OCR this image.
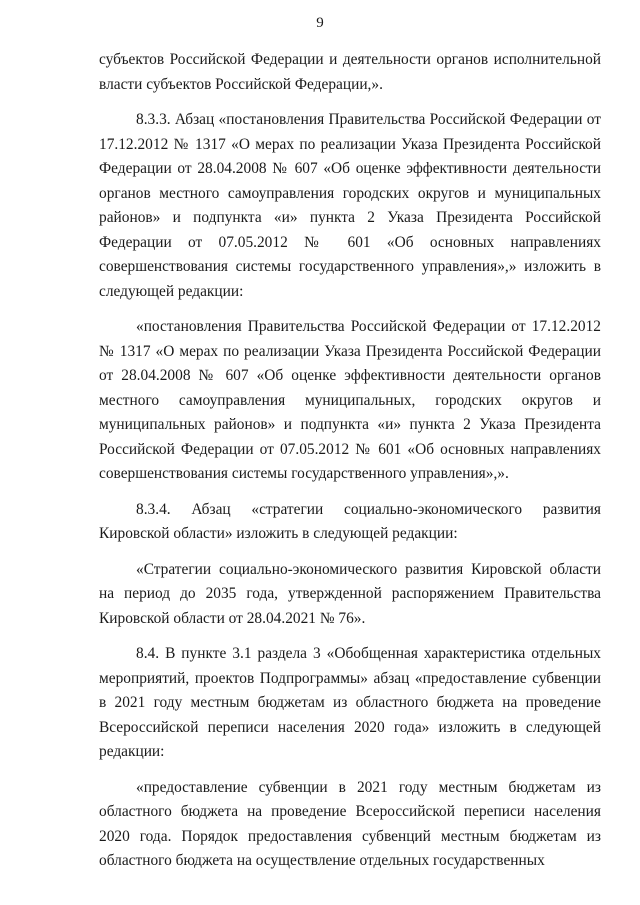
9

субъектов Российской Федерации и деятельности органов исполнительной власти субъектов Российской Федерации,».

8.3.3. Абзац «постановления Правительства Российской Федерации от 17.12.2012 № 1317 «О мерах по реализации Указа Президента Российской Федерации от 28.04.2008 № 607 «Об оценке эффективности деятельности органов местного самоуправления городских округов и муниципальных районов» и подпункта «и» пункта 2 Указа Президента Российской Федерации от 07.05.2012 № 601 «Об основных направлениях совершенствования системы государственного управления»,» изложить в следующей редакции:

«постановления Правительства Российской Федерации от 17.12.2012 № 1317 «О мерах по реализации Указа Президента Российской Федерации от 28.04.2008 № 607 «Об оценке эффективности деятельности органов местного самоуправления муниципальных, городских округов и муниципальных районов» и подпункта «и» пункта 2 Указа Президента Российской Федерации от 07.05.2012 № 601 «Об основных направлениях совершенствования системы государственного управления»,».

8.3.4. Абзац «стратегии социально-экономического развития Кировской области» изложить в следующей редакции:

«Стратегии социально-экономического развития Кировской области на период до 2035 года, утвержденной распоряжением Правительства Кировской области от 28.04.2021 № 76».

8.4. В пункте 3.1 раздела 3 «Обобщенная характеристика отдельных мероприятий, проектов Подпрограммы» абзац «предоставление субвенции в 2021 году местным бюджетам из областного бюджета на проведение Всероссийской переписи населения 2020 года» изложить в следующей редакции:

«предоставление субвенции в 2021 году местным бюджетам из областного бюджета на проведение Всероссийской переписи населения 2020 года. Порядок предоставления субвенций местным бюджетам из областного бюджета на осуществление отдельных государственных
